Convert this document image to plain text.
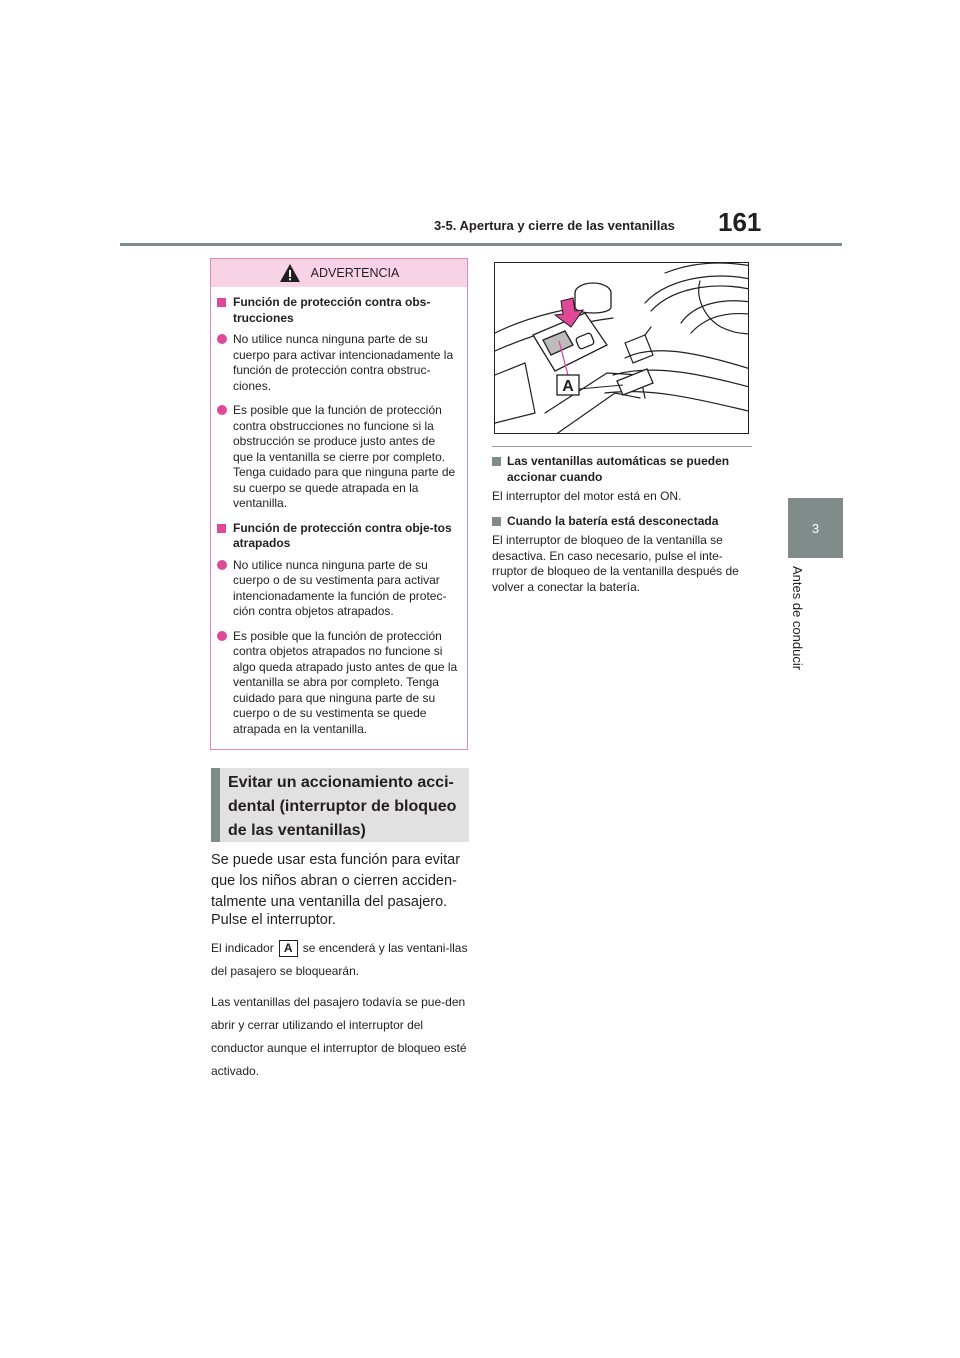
3-5. Apertura y cierre de las ventanillas 161
3
Antes de conducir
ADVERTENCIA
Función de protección contra obs-trucciones
No utilice nunca ninguna parte de su cuerpo para activar intencionadamente la función de protección contra obstruc-ciones.
Es posible que la función de protección contra obstrucciones no funcione si la obstrucción se produce justo antes de que la ventanilla se cierre por completo. Tenga cuidado para que ninguna parte de su cuerpo se quede atrapada en la ventanilla.
Función de protección contra obje-tos atrapados
No utilice nunca ninguna parte de su cuerpo o de su vestimenta para activar intencionadamente la función de protec-ción contra objetos atrapados.
Es posible que la función de protección contra objetos atrapados no funcione si algo queda atrapado justo antes de que la ventanilla se abra por completo. Tenga cuidado para que ninguna parte de su cuerpo o de su vestimenta se quede atrapada en la ventanilla.
Evitar un accionamiento acci-dental (interruptor de bloqueo de las ventanillas)
Se puede usar esta función para evitar que los niños abran o cierren acciden-talmente una ventanilla del pasajero.
Pulse el interruptor.
El indicador A se encenderá y las ventani-llas del pasajero se bloquearán.
Las ventanillas del pasajero todavía se pue-den abrir y cerrar utilizando el interruptor del conductor aunque el interruptor de bloqueo esté activado.
A
Las ventanillas automáticas se pueden accionar cuando
El interruptor del motor está en ON.
Cuando la batería está desconectada
El interruptor de bloqueo de la ventanilla se desactiva. En caso necesario, pulse el inte-rruptor de bloqueo de la ventanilla después de volver a conectar la batería.
